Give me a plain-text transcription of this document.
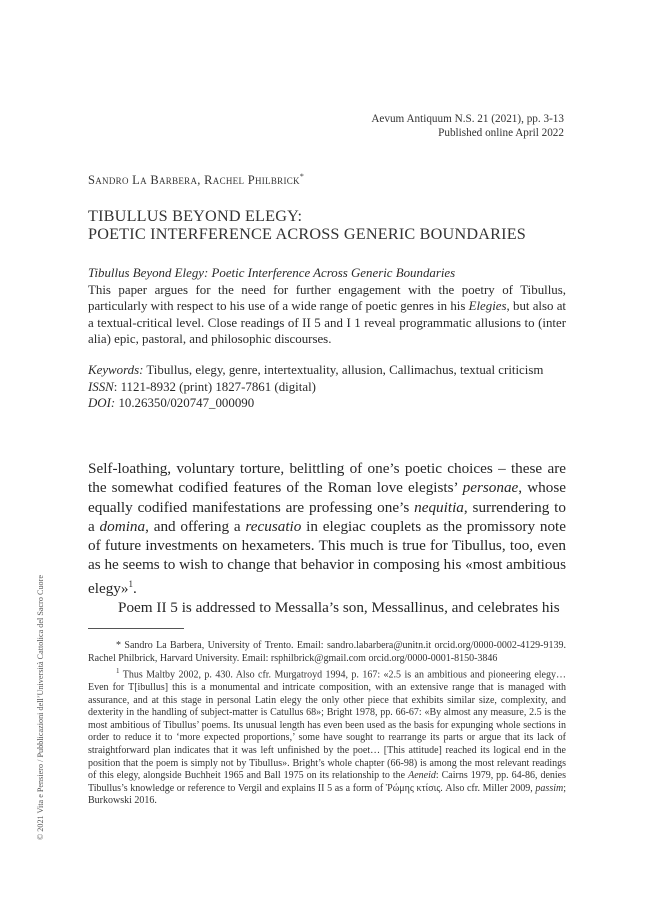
Aevum Antiquum N.S. 21 (2021), pp. 3-13
Published online April 2022
Sandro La Barbera, Rachel Philbrick*
TIBULLUS BEYOND ELEGY:
POETIC INTERFERENCE ACROSS GENERIC BOUNDARIES
Tibullus Beyond Elegy: Poetic Interference Across Generic Boundaries
This paper argues for the need for further engagement with the poetry of Tibullus, particularly with respect to his use of a wide range of poetic genres in his Elegies, but also at a textual-critical level. Close readings of II 5 and I 1 reveal programmatic allusions to (inter alia) epic, pastoral, and philosophic discourses.
Keywords: Tibullus, elegy, genre, intertextuality, allusion, Callimachus, textual criticism
ISSN: 1121-8932 (print) 1827-7861 (digital)
DOI: 10.26350/020747_000090

Self-loathing, voluntary torture, belittling of one’s poetic choices – these are the somewhat codified features of the Roman love elegists’ personae, whose equally codified manifestations are professing one’s nequitia, surrendering to a domina, and offering a recusatio in elegiac couplets as the promissory note of future investments on hexameters. This much is true for Tibullus, too, even as he seems to wish to change that behavior in composing his «most ambitious elegy»$^1$.

Poem II 5 is addressed to Messalla’s son, Messallinus, and celebrates his

* Sandro La Barbera, University of Trento. Email: sandro.labarbera@unitn.it orcid.org/0000-0002-4129-9139. Rachel Philbrick, Harvard University. Email: rsphilbrick@gmail.com orcid.org/0000-0001-8150-3846

$^1$ Thus Maltby 2002, p. 430. Also cfr. Murgatroyd 1994, p. 167: «2.5 is an ambitious and pioneering elegy… Even for T[ibullus] this is a monumental and intricate composition, with an extensive range that is managed with assurance, and at this stage in personal Latin elegy the only other piece that exhibits similar size, complexity, and dexterity in the handling of subject-matter is Catullus 68»; Bright 1978, pp. 66-67: «By almost any measure, 2.5 is the most ambitious of Tibullus’ poems. Its unusual length has even been used as the basis for expunging whole sections in order to reduce it to ‘more expected proportions,’ some have sought to rearrange its parts or argue that its lack of straightforward plan indicates that it was left unfinished by the poet… [This attitude] reached its logical end in the position that the poem is simply not by Tibullus». Bright’s whole chapter (66-98) is among the most relevant readings of this elegy, alongside Buchheit 1965 and Ball 1975 on its relationship to the Aeneid: Cairns 1979, pp. 64-86, denies Tibullus’s knowledge or reference to Vergil and explains II 5 as a form of Ῥώμης κτίσις. Also cfr. Miller 2009, passim; Burkowski 2016.

© 2021 Vita e Pensiero / Pubblicazioni dell’Università Cattolica del Sacro Cuore
